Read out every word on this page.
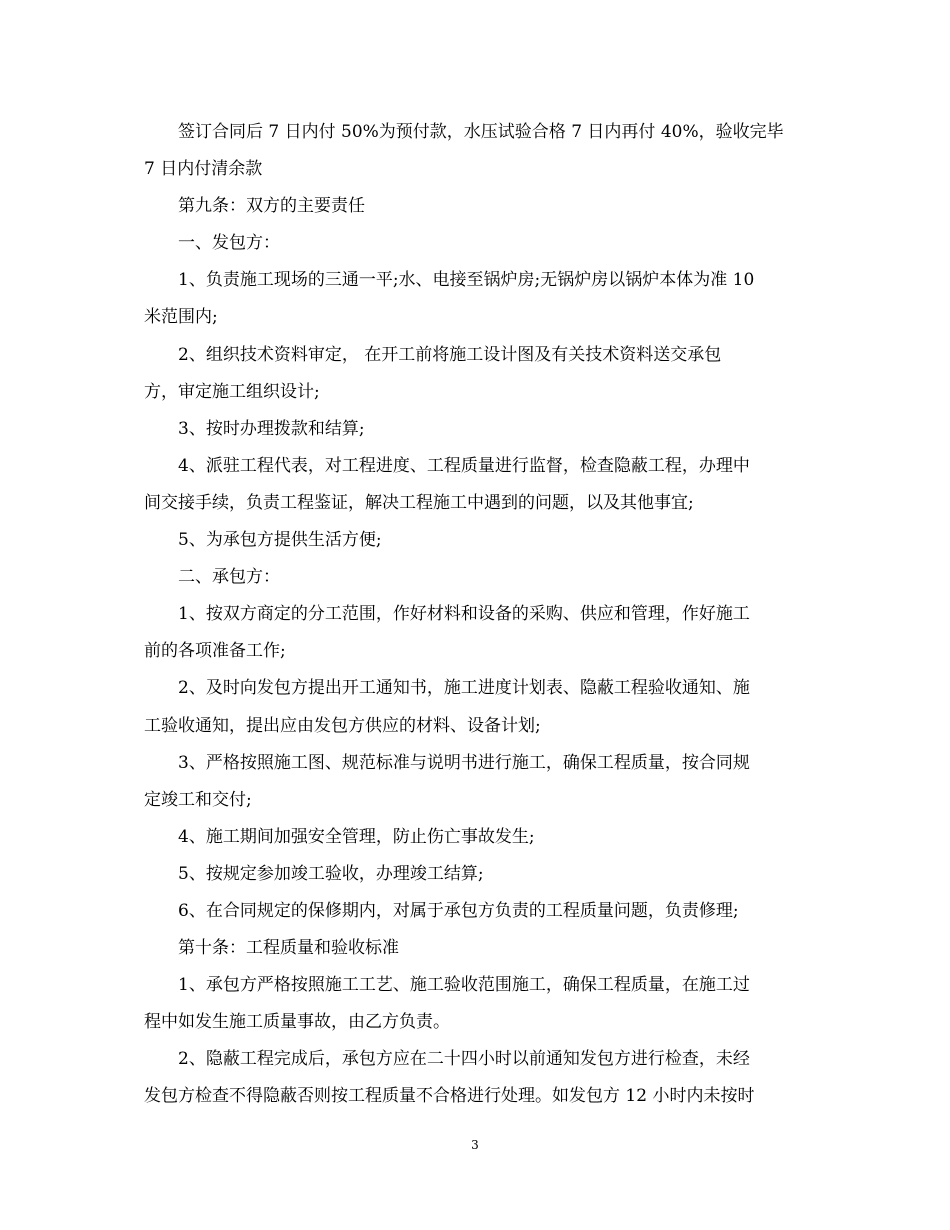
签订合同后 7 日内付 50%为预付款，水压试验合格 7 日内再付 40%，验收完毕
7 日内付清余款
第九条：双方的主要责任
一、发包方：
1、负责施工现场的三通一平;水、电接至锅炉房;无锅炉房以锅炉本体为准 10
米范围内;
2、组织技术资料审定， 在开工前将施工设计图及有关技术资料送交承包
方，审定施工组织设计;
3、按时办理拨款和结算;
4、派驻工程代表，对工程进度、工程质量进行监督，检查隐蔽工程，办理中
间交接手续，负责工程鉴证，解决工程施工中遇到的问题，以及其他事宜;
5、为承包方提供生活方便;
二、承包方：
1、按双方商定的分工范围，作好材料和设备的采购、供应和管理，作好施工
前的各项准备工作;
2、及时向发包方提出开工通知书，施工进度计划表、隐蔽工程验收通知、施
工验收通知，提出应由发包方供应的材料、设备计划;
3、严格按照施工图、规范标准与说明书进行施工，确保工程质量，按合同规
定竣工和交付;
4、施工期间加强安全管理，防止伤亡事故发生;
5、按规定参加竣工验收，办理竣工结算;
6、在合同规定的保修期内，对属于承包方负责的工程质量问题，负责修理;
第十条：工程质量和验收标准
1、承包方严格按照施工工艺、施工验收范围施工，确保工程质量，在施工过
程中如发生施工质量事故，由乙方负责。
2、隐蔽工程完成后，承包方应在二十四小时以前通知发包方进行检查，未经
发包方检查不得隐蔽否则按工程质量不合格进行处理。如发包方 12 小时内未按时
3
